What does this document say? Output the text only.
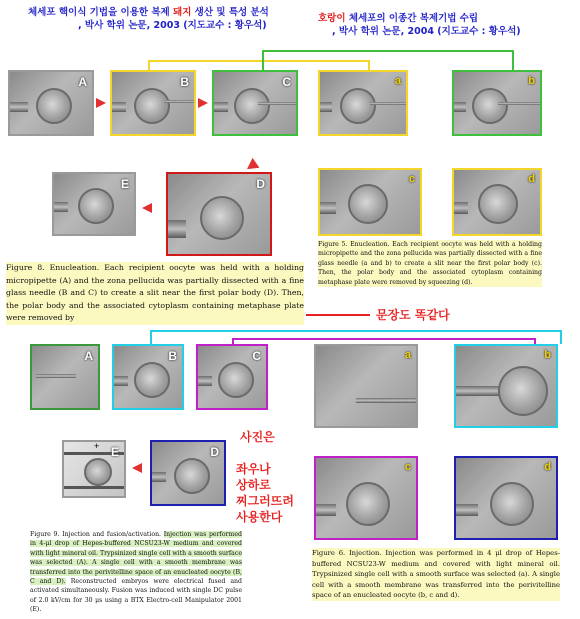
체세포 핵이식 기법을 이용한 복제 돼지 생산 및 특성 분석
, 박사 학위 논문, 2003 (지도교수 : 황우석)
호랑이 체세포의 이종간 복제기법 수립
, 박사 학위 논문, 2004 (지도교수 : 황우석)
A	B	C	a	b
E	D	c	d
Figure 8. Enucleation. Each recipient oocyte was held with a holding micropipette (A) and the zona pellucida was partially dissected with a fine glass needle (B and C) to create a slit near the first polar body (D). Then, the polar body and the associated cytoplasm containing metaphase plate were removed by
Figure 5. Enucleation. Each recipient oocyte was held with a holding micropipette and the zona pellucida was partially dissected with a fine glass needle (a and b) to create a slit near the first polar body (c). Then, the polar body and the associated cytoplasm containing metaphase plate were removed by squeezing (d).
문장도 똑같다
A	B	C	a	b
+ E	D
c	d
사진은
좌우나
상하로
찌그러뜨려
사용한다
Figure 9. Injection and fusion/activation. Injection was performed in 4-μl drop of Hepes-buffered NCSU23-W medium and covered with light mineral oil. Trypsinized single cell with a smooth surface was selected (A). A single cell with a smooth membrane was transferred into the perivitelline space of an enucleated oocyte (B, C and D). Reconstructed embryos were electrical fused and activated simultaneously. Fusion was induced with single DC pulse of 2.0 kV/cm for 30 μs using a BTX Electro-cell Manipulator 2001 (E).
Figure 6. Injection. Injection was performed in 4 μl drop of Hepes-buffered NCSU23-W medium and covered with light mineral oil. Trypsinized single cell with a smooth surface was selected (a). A single cell with a smooth membrane was transferred into the perivitelline space of an enucleated oocyte (b, c and d).
